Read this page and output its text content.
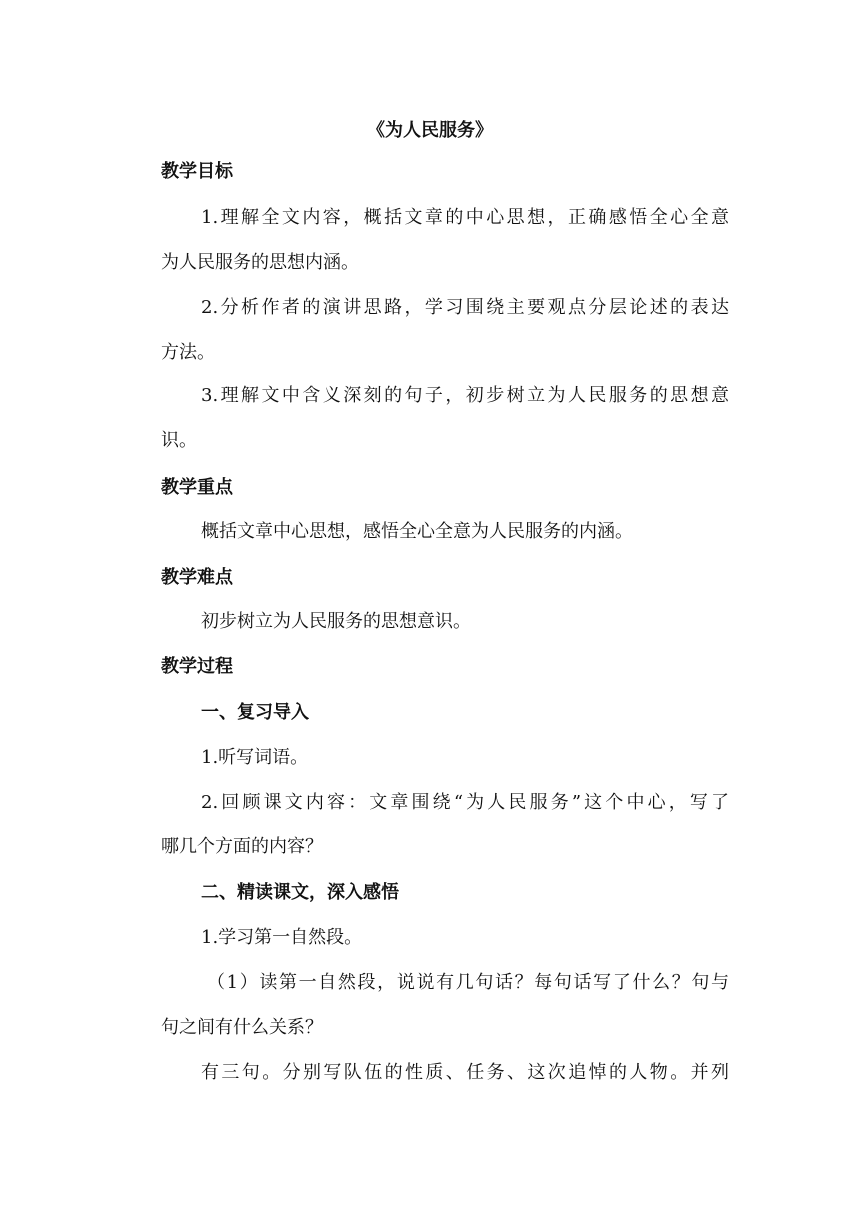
《为人民服务》

教学目标

1.理解全文内容，概括文章的中心思想，正确感悟全心全意

为人民服务的思想内涵。

2.分析作者的演讲思路，学习围绕主要观点分层论述的表达

方法。

3.理解文中含义深刻的句子，初步树立为人民服务的思想意

识。

教学重点

概括文章中心思想，感悟全心全意为人民服务的内涵。

教学难点

初步树立为人民服务的思想意识。

教学过程

一、复习导入

1.听写词语。

2.回顾课文内容：文章围绕“为人民服务”这个中心，写了

哪几个方面的内容？

二、精读课文，深入感悟

1.学习第一自然段。

（1）读第一自然段，说说有几句话？每句话写了什么？句与

句之间有什么关系？

有三句。分别写队伍的性质、任务、这次追悼的人物。并列
